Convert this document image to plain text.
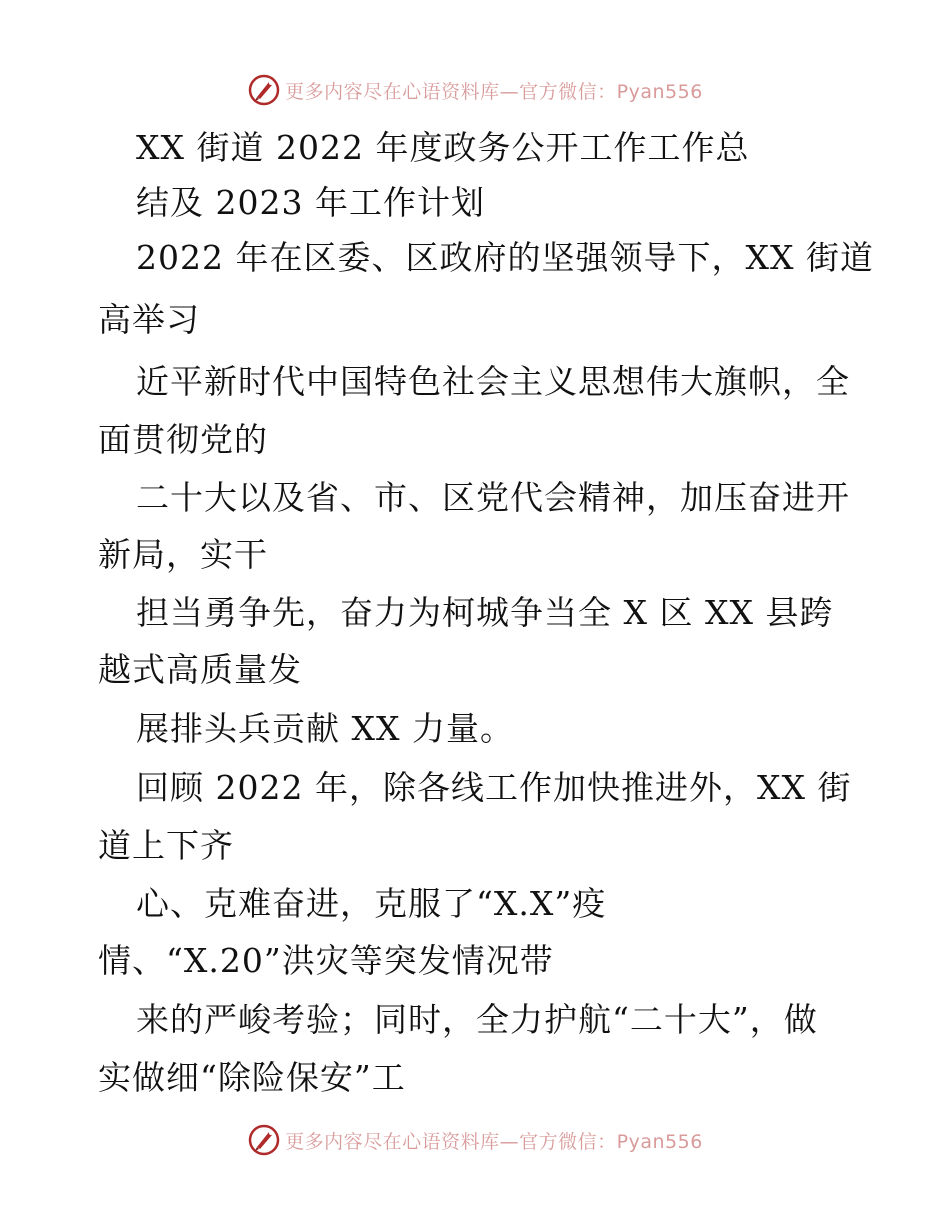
更多内容尽在心语资料库—官方微信：Pyan556
XX 街道 2022 年度政务公开工作工作总
结及 2023 年工作计划
2022 年在区委、区政府的坚强领导下，XX 街道
高举习
近平新时代中国特色社会主义思想伟大旗帜，全
面贯彻党的
二十大以及省、市、区党代会精神，加压奋进开
新局，实干
担当勇争先，奋力为柯城争当全 X 区 XX 县跨
越式高质量发
展排头兵贡献 XX 力量。
回顾 2022 年，除各线工作加快推进外，XX 街
道上下齐
心、克难奋进，克服了“X.X”疫
情、“X.20”洪灾等突发情况带
来的严峻考验；同时，全力护航“二十大”，做
实做细“除险保安”工
更多内容尽在心语资料库—官方微信：Pyan556
